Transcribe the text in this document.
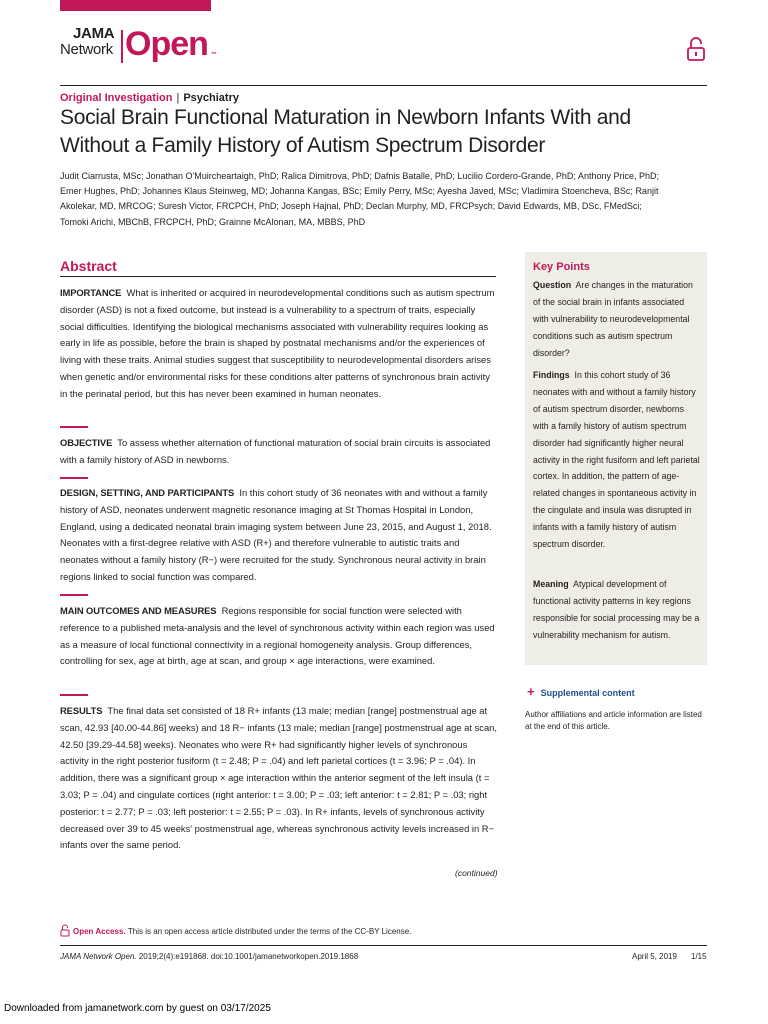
JAMA
Network Open ™
Original Investigation | Psychiatry
Social Brain Functional Maturation in Newborn Infants With and Without a Family History of Autism Spectrum Disorder
Judit Ciarrusta, MSc; Jonathan O'Muircheartaigh, PhD; Ralica Dimitrova, PhD; Dafnis Batalle, PhD; Lucilio Cordero-Grande, PhD; Anthony Price, PhD; Emer Hughes, PhD; Johannes Klaus Steinweg, MD; Johanna Kangas, BSc; Emily Perry, MSc; Ayesha Javed, MSc; Vladimira Stoencheva, BSc; Ranjit Akolekar, MD, MRCOG; Suresh Victor, FRCPCH, PhD; Joseph Hajnal, PhD; Declan Murphy, MD, FRCPsych; David Edwards, MB, DSc, FMedSci; Tomoki Arichi, MBChB, FRCPCH, PhD; Grainne McAlonan, MA, MBBS, PhD
Abstract
IMPORTANCE What is inherited or acquired in neurodevelopmental conditions such as autism spectrum disorder (ASD) is not a fixed outcome, but instead is a vulnerability to a spectrum of traits, especially social difficulties. Identifying the biological mechanisms associated with vulnerability requires looking as early in life as possible, before the brain is shaped by postnatal mechanisms and/or the experiences of living with these traits. Animal studies suggest that susceptibility to neurodevelopmental disorders arises when genetic and/or environmental risks for these conditions alter patterns of synchronous brain activity in the perinatal period, but this has never been examined in human neonates.
OBJECTIVE To assess whether alternation of functional maturation of social brain circuits is associated with a family history of ASD in newborns.
DESIGN, SETTING, AND PARTICIPANTS In this cohort study of 36 neonates with and without a family history of ASD, neonates underwent magnetic resonance imaging at St Thomas Hospital in London, England, using a dedicated neonatal brain imaging system between June 23, 2015, and August 1, 2018. Neonates with a first-degree relative with ASD (R+) and therefore vulnerable to autistic traits and neonates without a family history (R−) were recruited for the study. Synchronous neural activity in brain regions linked to social function was compared.
MAIN OUTCOMES AND MEASURES Regions responsible for social function were selected with reference to a published meta-analysis and the level of synchronous activity within each region was used as a measure of local functional connectivity in a regional homogeneity analysis. Group differences, controlling for sex, age at birth, age at scan, and group × age interactions, were examined.
RESULTS The final data set consisted of 18 R+ infants (13 male; median [range] postmenstrual age at scan, 42.93 [40.00-44.86] weeks) and 18 R− infants (13 male; median [range] postmenstrual age at scan, 42.50 [39.29-44.58] weeks). Neonates who were R+ had significantly higher levels of synchronous activity in the right posterior fusiform (t = 2.48; P = .04) and left parietal cortices (t = 3.96; P = .04). In addition, there was a significant group × age interaction within the anterior segment of the left insula (t = 3.03; P = .04) and cingulate cortices (right anterior: t = 3.00; P = .03; left anterior: t = 2.81; P = .03; right posterior: t = 2.77; P = .03; left posterior: t = 2.55; P = .03). In R+ infants, levels of synchronous activity decreased over 39 to 45 weeks' postmenstrual age, whereas synchronous activity levels increased in R− infants over the same period.
(continued)
Key Points
Question Are changes in the maturation of the social brain in infants associated with vulnerability to neurodevelopmental conditions such as autism spectrum disorder?
Findings In this cohort study of 36 neonates with and without a family history of autism spectrum disorder, newborns with a family history of autism spectrum disorder had significantly higher neural activity in the right fusiform and left parietal cortex. In addition, the pattern of age-related changes in spontaneous activity in the cingulate and insula was disrupted in infants with a family history of autism spectrum disorder.
Meaning Atypical development of functional activity patterns in key regions responsible for social processing may be a vulnerability mechanism for autism.
+ Supplemental content
Author affiliations and article information are listed at the end of this article.
Open Access. This is an open access article distributed under the terms of the CC-BY License.
JAMA Network Open. 2019;2(4):e191868. doi:10.1001/jamanetworkopen.2019.1868	April 5, 2019 1/15
Downloaded from jamanetwork.com by guest on 03/17/2025
